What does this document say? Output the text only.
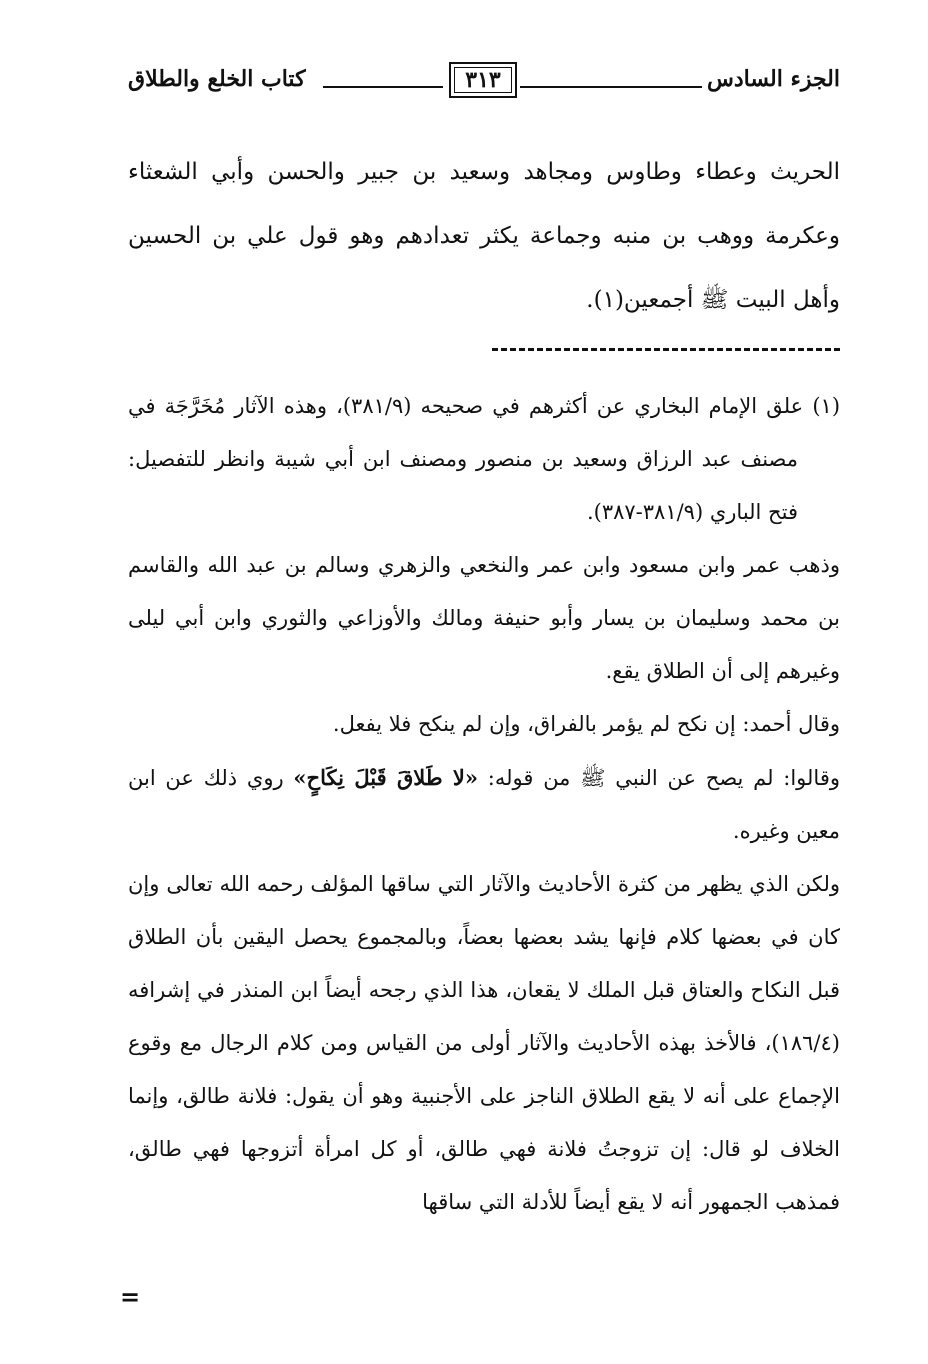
الجزء السادس
٣١٣
كتاب الخلع والطلاق

الحريث وعطاء وطاوس ومجاهد وسعيد بن جبير والحسن وأبي الشعثاء وعكرمة ووهب بن منبه وجماعة يكثر تعدادهم وهو قول علي بن الحسين وأهل البيت ﷺ أجمعين(١).

(١) علق الإمام البخاري عن أكثرهم في صحيحه (٣٨١/٩)، وهذه الآثار مُخَرَّجَة في مصنف عبد الرزاق وسعيد بن منصور ومصنف ابن أبي شيبة وانظر للتفصيل: فتح الباري (٣٨١/٩-٣٨٧).

وذهب عمر وابن مسعود وابن عمر والنخعي والزهري وسالم بن عبد الله والقاسم بن محمد وسليمان بن يسار وأبو حنيفة ومالك والأوزاعي والثوري وابن أبي ليلى وغيرهم إلى أن الطلاق يقع.

وقال أحمد: إن نكح لم يؤمر بالفراق، وإن لم ينكح فلا يفعل.

وقالوا: لم يصح عن النبي ﷺ من قوله: «لا طَلاقَ قَبْلَ نِكَاحٍ» روي ذلك عن ابن معين وغيره.

ولكن الذي يظهر من كثرة الأحاديث والآثار التي ساقها المؤلف رحمه الله تعالى وإن كان في بعضها كلام فإنها يشد بعضها بعضاً، وبالمجموع يحصل اليقين بأن الطلاق قبل النكاح والعتاق قبل الملك لا يقعان، هذا الذي رجحه أيضاً ابن المنذر في إشرافه (١٨٦/٤)، فالأخذ بهذه الأحاديث والآثار أولى من القياس ومن كلام الرجال مع وقوع الإجماع على أنه لا يقع الطلاق الناجز على الأجنبية وهو أن يقول: فلانة طالق، وإنما الخلاف لو قال: إن تزوجتُ فلانة فهي طالق، أو كل امرأة أتزوجها فهي طالق، فمذهب الجمهور أنه لا يقع أيضاً للأدلة التي ساقها

=
